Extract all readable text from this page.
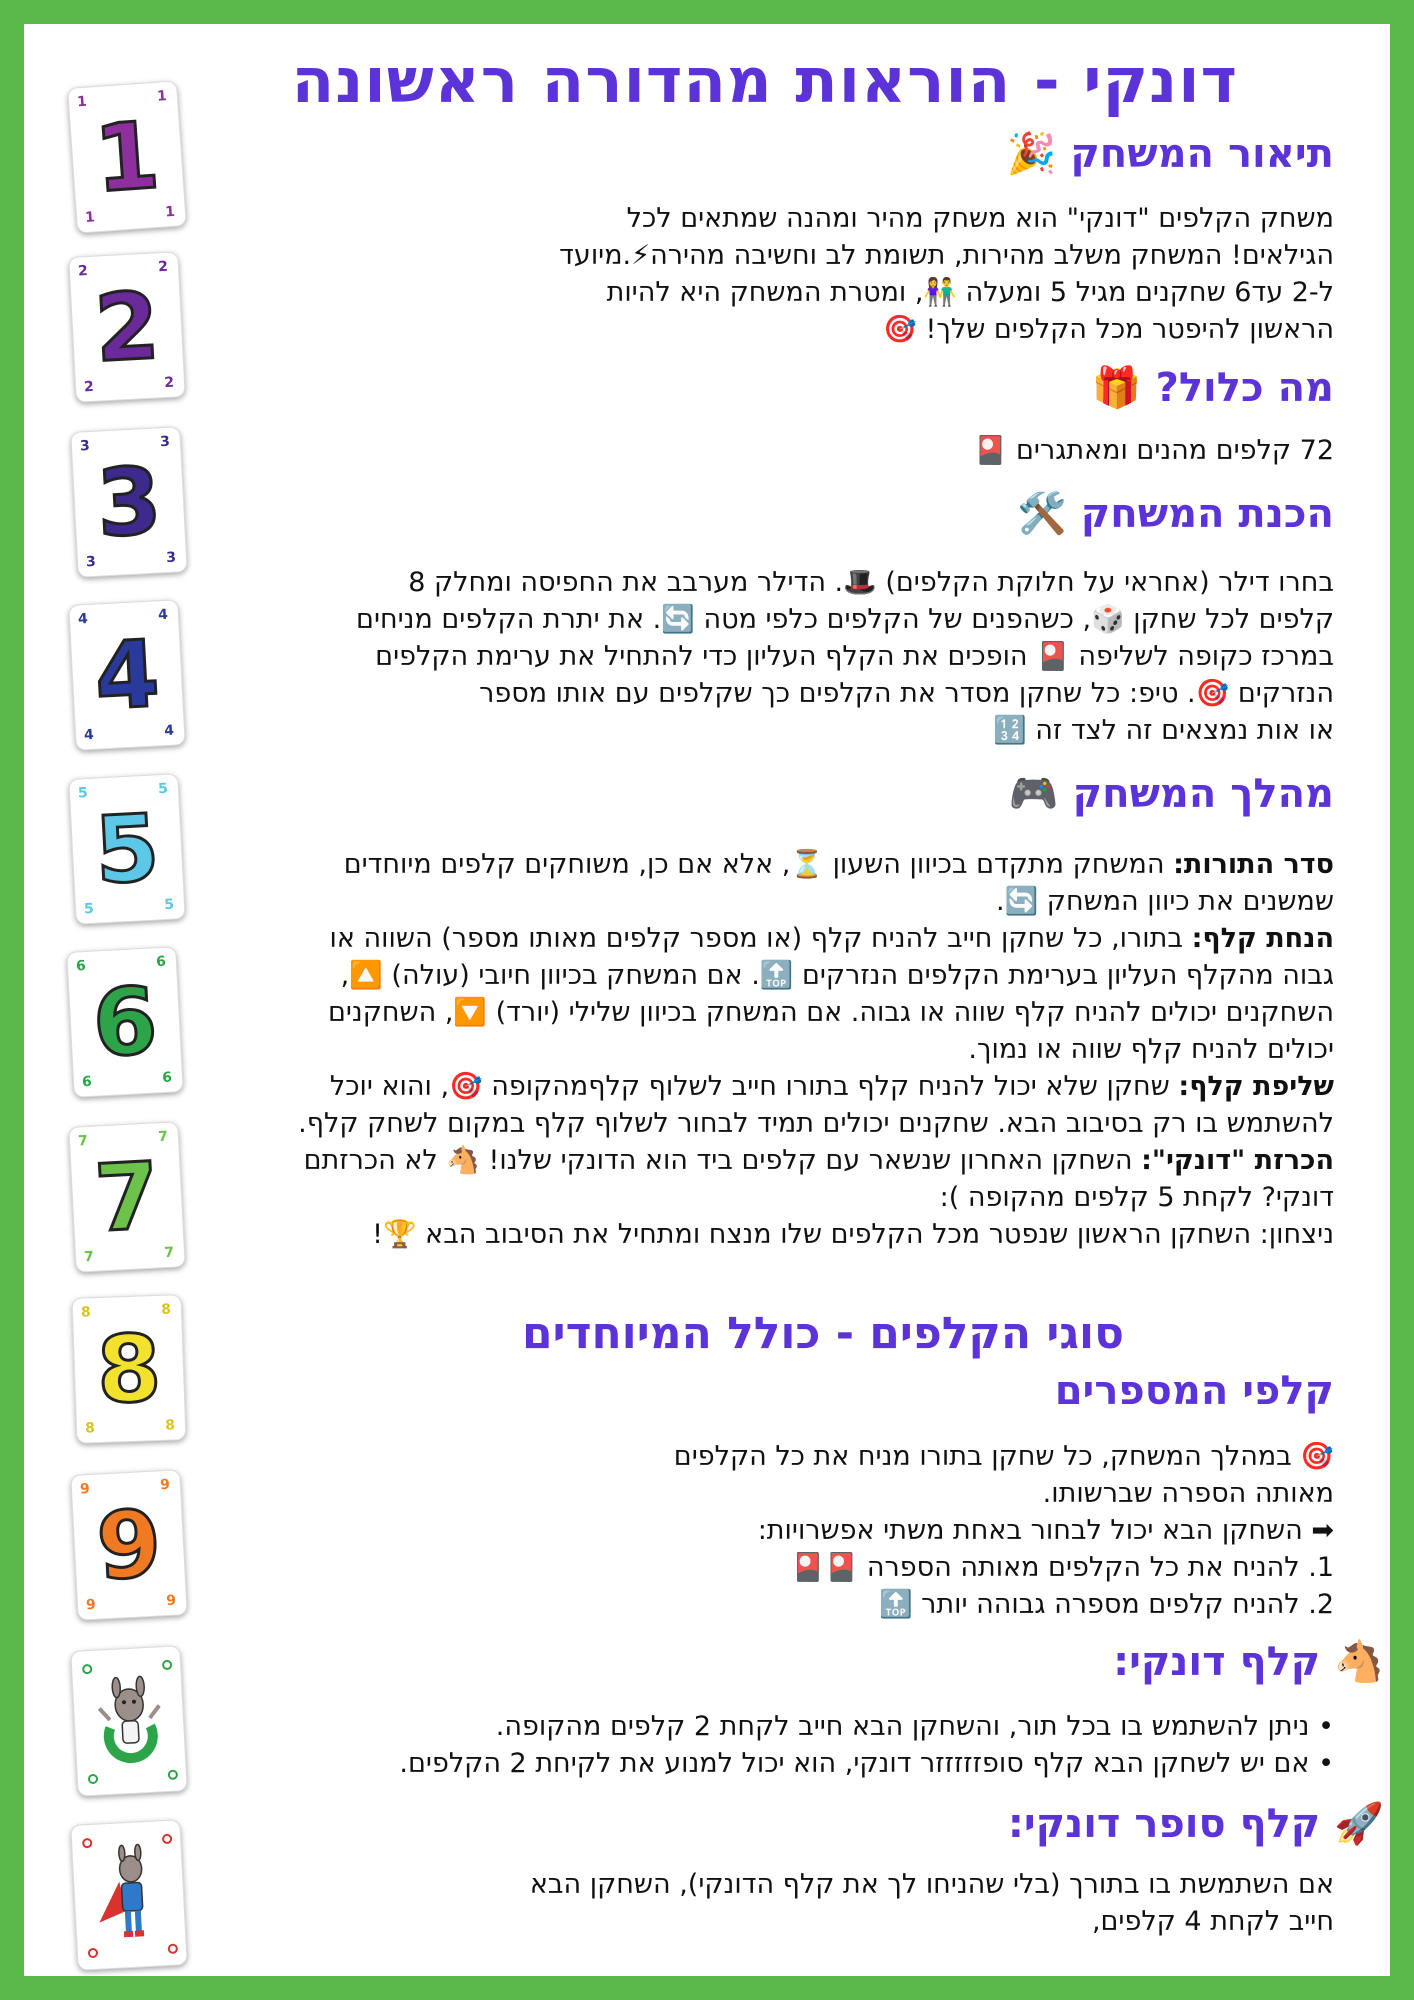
1	1
1
1	1
2	2
2
2	2
3	3
3
3	3
4	4
4
4	4
5	5
5
5	5
6	6
6
6	6
7	7
7
7	7
8	8
8
8	8
9	9
9
9	9
דונקי - הוראות מהדורה ראשונה
תיאור המשחק 🎉
משחק הקלפים "דונקי" הוא משחק מהיר ומהנה שמתאים לכל
הגילאים! המשחק משלב מהירות, תשומת לב וחשיבה מהירה⚡.מיועד
ל-2 עד6 שחקנים מגיל 5 ומעלה 👫, ומטרת המשחק היא להיות
הראשון להיפטר מכל הקלפים שלך! 🎯
מה כלול? 🎁
72 קלפים מהנים ומאתגרים 🎴
הכנת המשחק 🛠️
בחרו דילר (אחראי על חלוקת הקלפים) 🎩. הדילר מערבב את החפיסה ומחלק 8
קלפים לכל שחקן 🎲, כשהפנים של הקלפים כלפי מטה 🔄. את יתרת הקלפים מניחים
במרכז כקופה לשליפה 🎴 הופכים את הקלף העליון כדי להתחיל את ערימת הקלפים
הנזרקים 🎯. טיפ: כל שחקן מסדר את הקלפים כך שקלפים עם אותו מספר
או אות נמצאים זה לצד זה 🔢
מהלך המשחק 🎮
סדר התורות: המשחק מתקדם בכיוון השעון ⏳, אלא אם כן, משוחקים קלפים מיוחדים
שמשנים את כיוון המשחק 🔄.
הנחת קלף: בתורו, כל שחקן חייב להניח קלף (או מספר קלפים מאותו מספר) השווה או
גבוה מהקלף העליון בערימת הקלפים הנזרקים 🔝. אם המשחק בכיוון חיובי (עולה) 🔼,
השחקנים יכולים להניח קלף שווה או גבוה. אם המשחק בכיוון שלילי (יורד) 🔽, השחקנים
יכולים להניח קלף שווה או נמוך.
שליפת קלף: שחקן שלא יכול להניח קלף בתורו חייב לשלוף קלףמהקופה 🎯, והוא יוכל
להשתמש בו רק בסיבוב הבא. שחקנים יכולים תמיד לבחור לשלוף קלף במקום לשחק קלף.
הכרזת "דונקי": השחקן האחרון שנשאר עם קלפים ביד הוא הדונקי שלנו! 🐴 לא הכרזתם
דונקי? לקחת 5 קלפים מהקופה ):
ניצחון: השחקן הראשון שנפטר מכל הקלפים שלו מנצח ומתחיל את הסיבוב הבא 🏆!
סוגי הקלפים - כולל המיוחדים
קלפי המספרים
🎯 במהלך המשחק, כל שחקן בתורו מניח את כל הקלפים
מאותה הספרה שברשותו.
➡ השחקן הבא יכול לבחור באחת משתי אפשרויות:
1. להניח את כל הקלפים מאותה הספרה 🎴🎴
2. להניח קלפים מספרה גבוהה יותר 🔝
🐴 קלף דונקי:
• ניתן להשתמש בו בכל תור, והשחקן הבא חייב לקחת 2 קלפים מהקופה.
• אם יש לשחקן הבא קלף סופזזזזזר דונקי, הוא יכול למנוע את לקיחת 2 הקלפים.
🚀 קלף סופר דונקי:
אם השתמשת בו בתורך (בלי שהניחו לך את קלף הדונקי), השחקן הבא
חייב לקחת 4 קלפים,
